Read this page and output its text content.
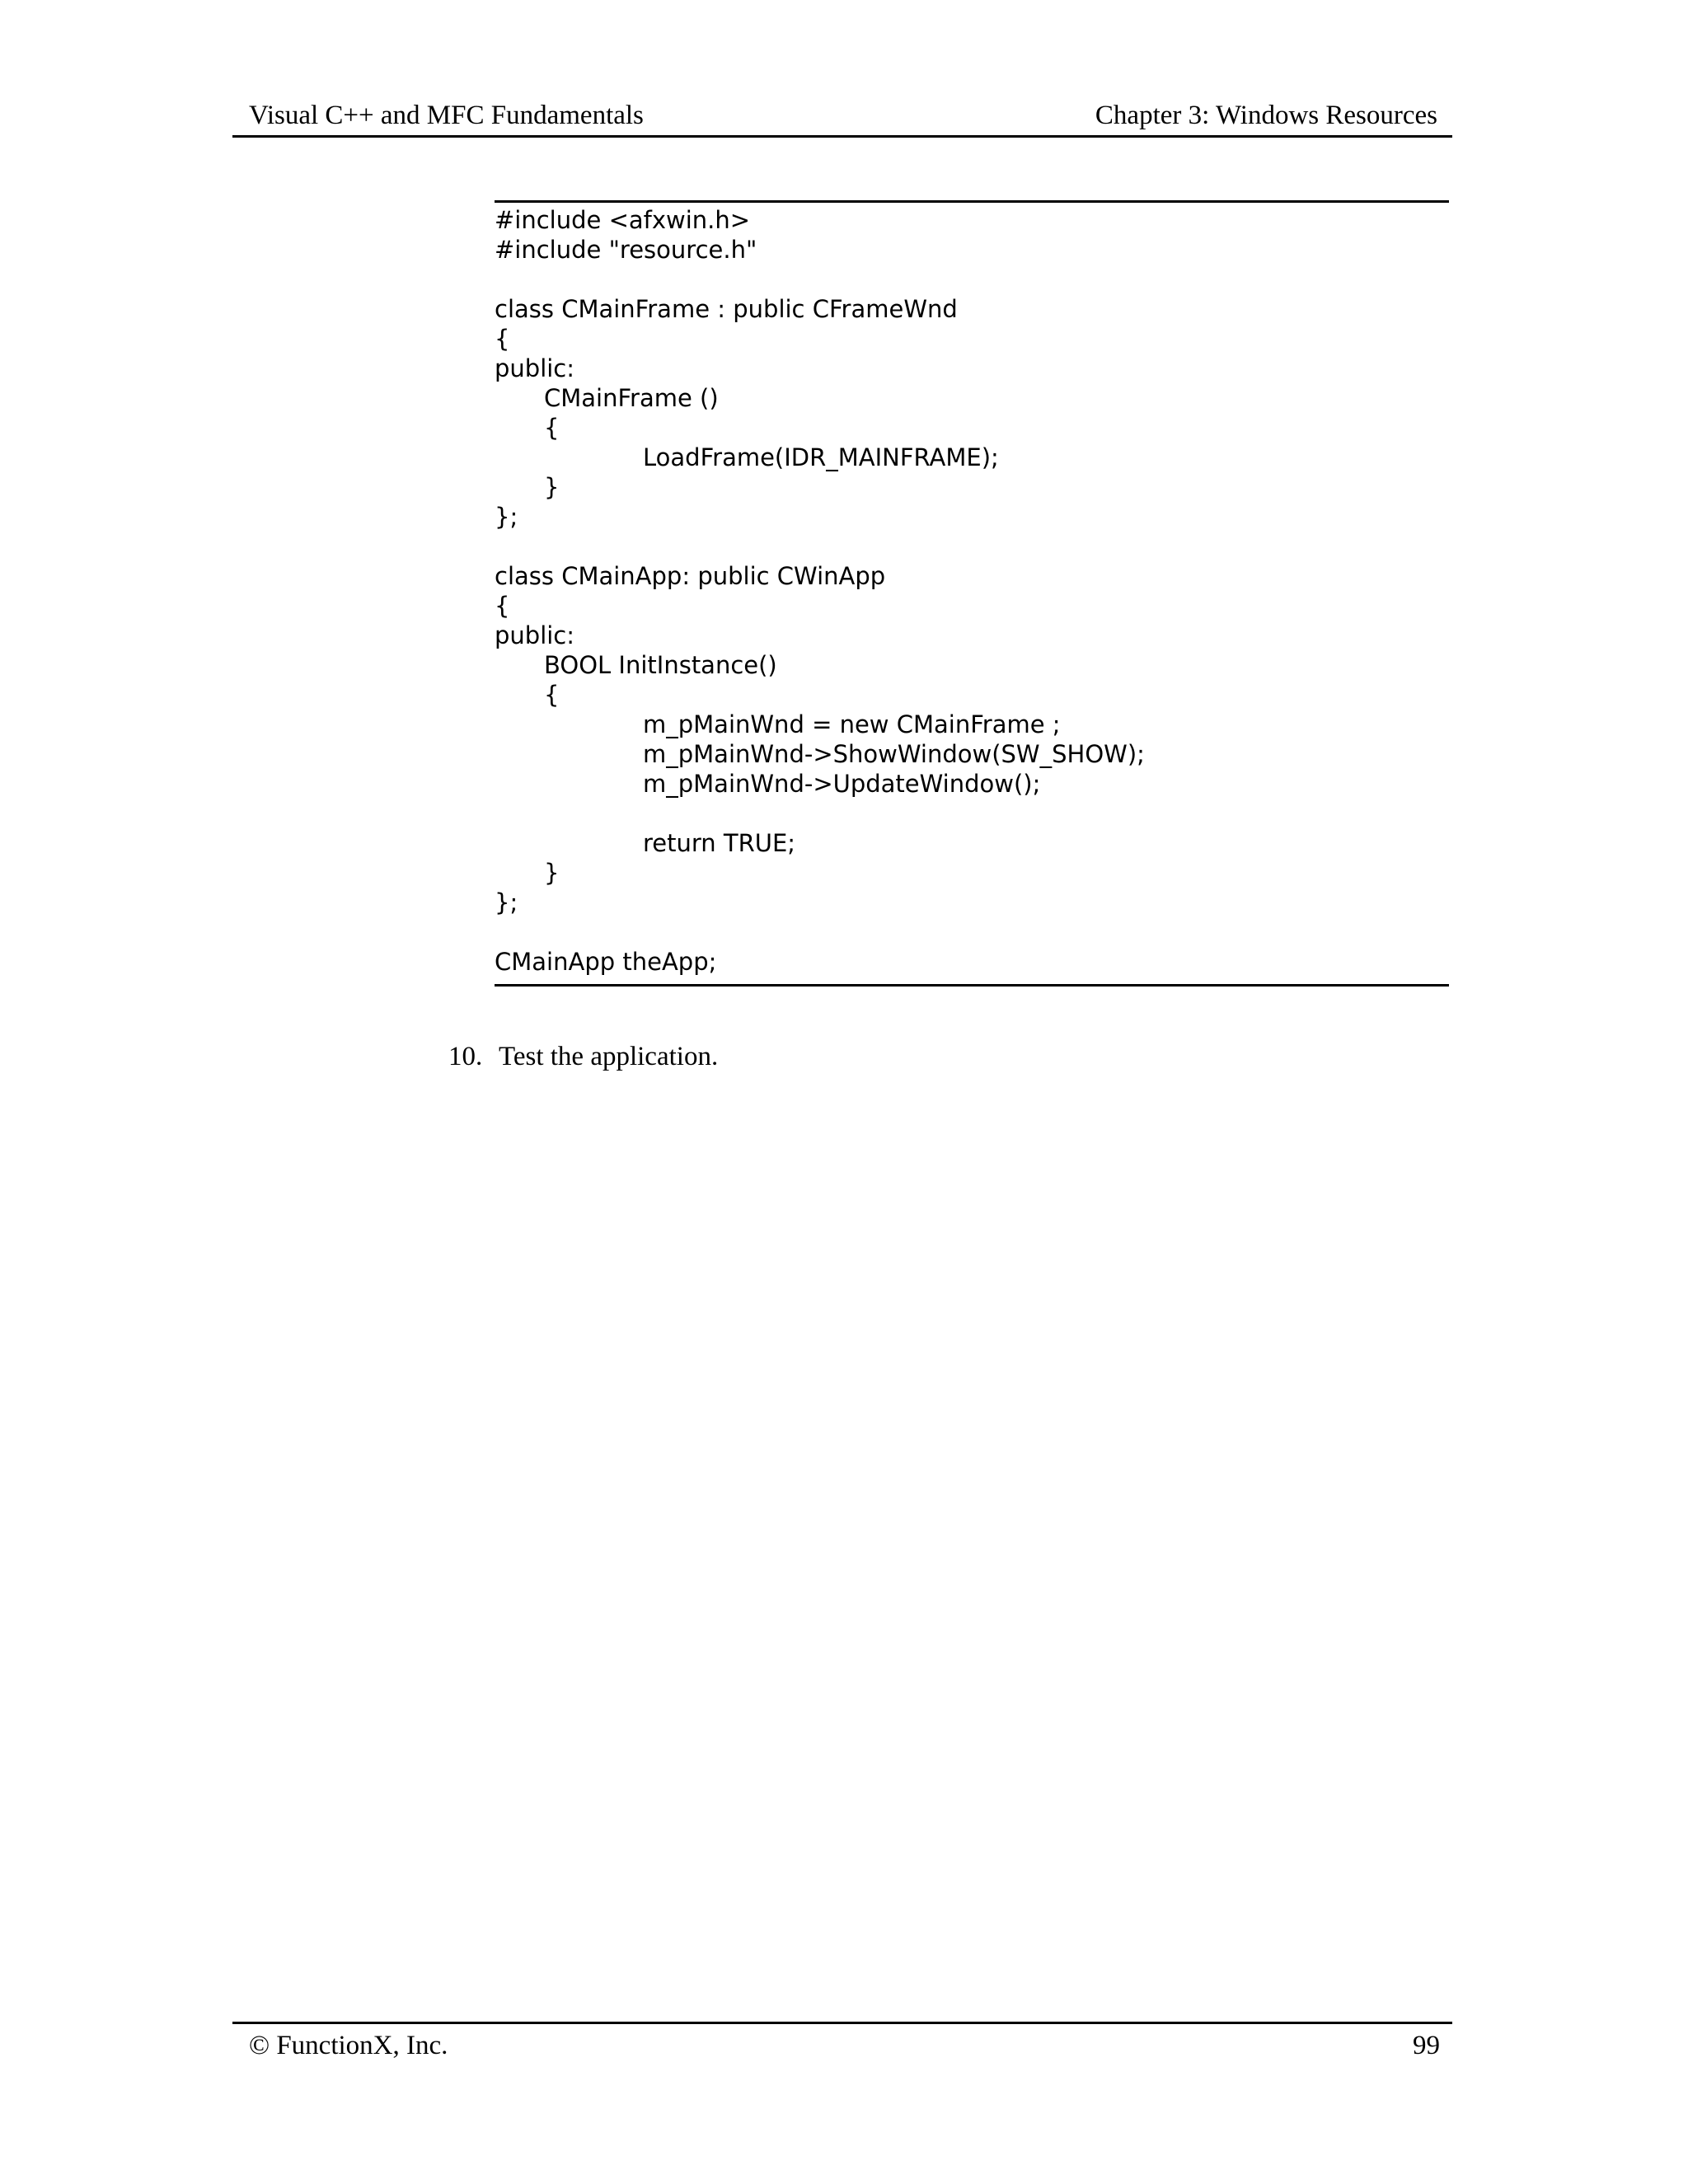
Visual C++ and MFC Fundamentals	Chapter 3: Windows Resources
#include <afxwin.h>
#include "resource.h"
class CMainFrame : public CFrameWnd
{
public:
CMainFrame ()
{
LoadFrame(IDR_MAINFRAME);
}
};
class CMainApp: public CWinApp
{
public:
BOOL InitInstance()
{
m_pMainWnd = new CMainFrame ;
m_pMainWnd->ShowWindow(SW_SHOW);
m_pMainWnd->UpdateWindow();
return TRUE;
}
};
CMainApp theApp;
10. Test the application.
© FunctionX, Inc.	99
